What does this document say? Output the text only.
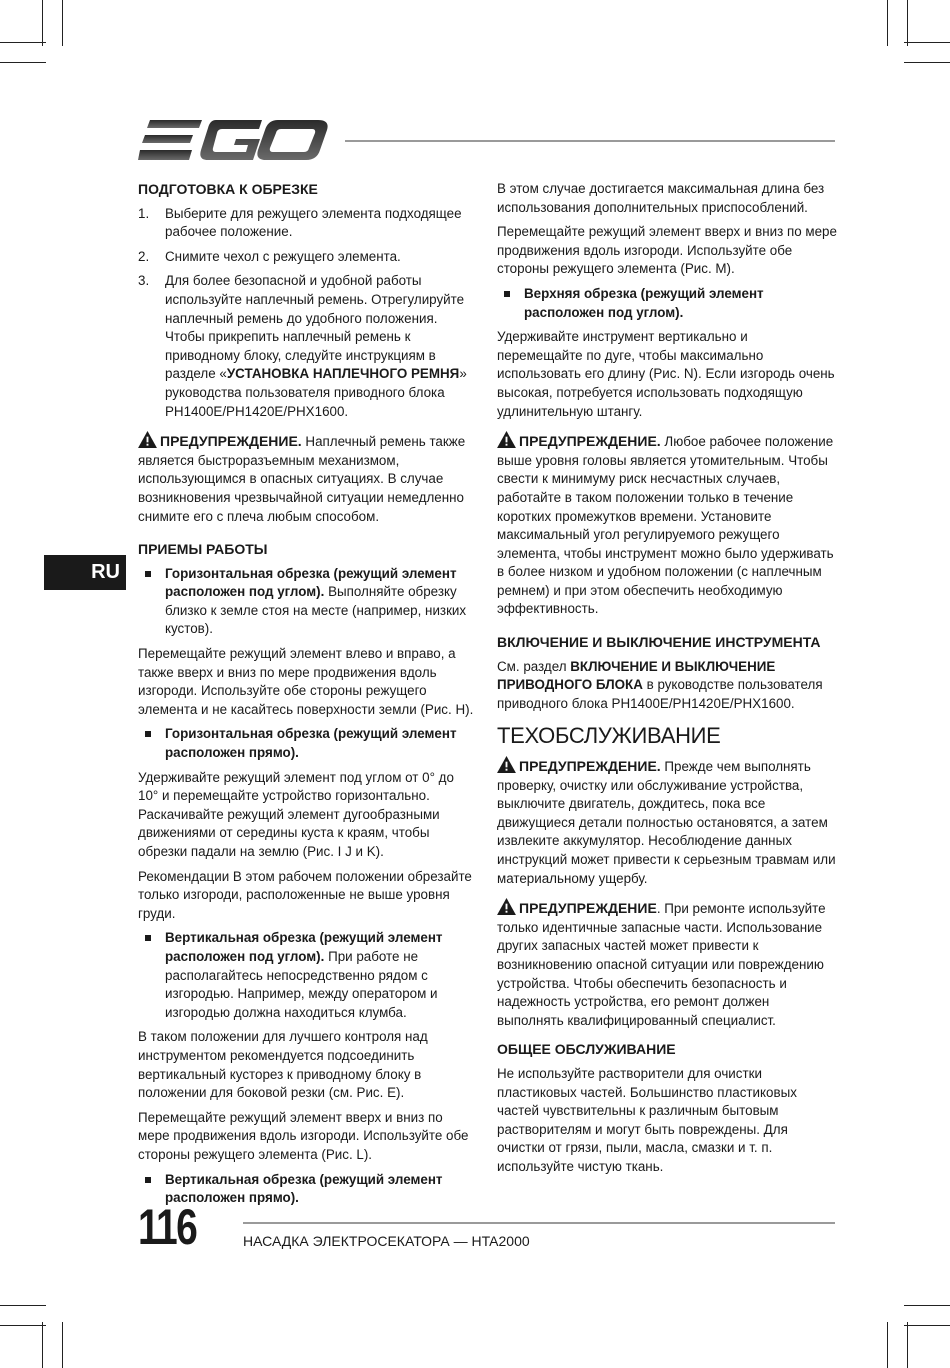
RU
ПОДГОТОВКА К ОБРЕЗКЕ
1.	Выберите для режущего элемента подходящее рабочее положение.
2.	Снимите чехол с режущего элемента.
3.	Для более безопасной и удобной работы используйте наплечный ремень. Отрегулируйте наплечный ремень до удобного положения. Чтобы прикрепить наплечный ремень к приводному блоку, следуйте инструкциям в разделе «УСТАНОВКА НАПЛЕЧНОГО РЕМНЯ» руководства пользователя приводного блока PH1400E/PH1420E/PHX1600.

ПРЕДУПРЕЖДЕНИЕ. Наплечный ремень также является быстроразъемным механизмом, использующимся в опасных ситуациях. В случае возникновения чрезвычайной ситуации немедленно снимите его с плеча любым способом.

ПРИЕМЫ РАБОТЫ
Горизонтальная обрезка (режущий элемент расположен под углом). Выполняйте обрезку близко к земле стоя на месте (например, низких кустов).

Перемещайте режущий элемент влево и вправо, а также вверх и вниз по мере продвижения вдоль изгороди. Используйте обе стороны режущего элемента и не касайтесь поверхности земли (Рис. H).

Горизонтальная обрезка (режущий элемент расположен прямо).

Удерживайте режущий элемент под углом от 0° до 10° и перемещайте устройство горизонтально. Раскачивайте режущий элемент дугообразными движениями от середины куста к краям, чтобы обрезки падали на землю (Рис. I J и K).

Рекомендации В этом рабочем положении обрезайте только изгороди, расположенные не выше уровня груди.

Вертикальная обрезка (режущий элемент расположен под углом). При работе не располагайтесь непосредственно рядом с изгородью. Например, между оператором и изгородью должна находиться клумба.

В таком положении для лучшего контроля над инструментом рекомендуется подсоединить вертикальный кусторез к приводному блоку в положении для боковой резки (см. Рис. E).

Перемещайте режущий элемент вверх и вниз по мере продвижения вдоль изгороди. Используйте обе стороны режущего элемента (Рис. L).

Вертикальная обрезка (режущий элемент расположен прямо).

В этом случае достигается максимальная длина без использования дополнительных приспособлений.

Перемещайте режущий элемент вверх и вниз по мере продвижения вдоль изгороди. Используйте обе стороны режущего элемента (Рис. M).

Верхняя обрезка (режущий элемент расположен под углом).

Удерживайте инструмент вертикально и перемещайте по дуге, чтобы максимально использовать его длину (Рис. N). Если изгородь очень высокая, потребуется использовать подходящую удлинительную штангу.

ПРЕДУПРЕЖДЕНИЕ. Любое рабочее положение выше уровня головы является утомительным. Чтобы свести к минимуму риск несчастных случаев, работайте в таком положении только в течение коротких промежутков времени. Установите максимальный угол регулируемого режущего элемента, чтобы инструмент можно было удерживать в более низком и удобном положении (с наплечным ремнем) и при этом обеспечить необходимую эффективность.

ВКЛЮЧЕНИЕ И ВЫКЛЮЧЕНИЕ ИНСТРУМЕНТА

См. раздел ВКЛЮЧЕНИЕ И ВЫКЛЮЧЕНИЕ ПРИВОДНОГО БЛОКА в руководстве пользователя приводного блока PH1400E/PH1420E/PHX1600.

ТЕХОБСЛУЖИВАНИЕ

ПРЕДУПРЕЖДЕНИЕ. Прежде чем выполнять проверку, очистку или обслуживание устройства, выключите двигатель, дождитесь, пока все движущиеся детали полностью остановятся, а затем извлеките аккумулятор. Несоблюдение данных инструкций может привести к серьезным травмам или материальному ущербу.

ПРЕДУПРЕЖДЕНИЕ. При ремонте используйте только идентичные запасные части. Использование других запасных частей может привести к возникновению опасной ситуации или повреждению устройства. Чтобы обеспечить безопасность и надежность устройства, его ремонт должен выполнять квалифицированный специалист.

ОБЩЕЕ ОБСЛУЖИВАНИЕ

Не используйте растворители для очистки пластиковых частей. Большинство пластиковых частей чувствительны к различным бытовым растворителям и могут быть повреждены. Для очистки от грязи, пыли, масла, смазки и т. п. используйте чистую ткань.

116	НАСАДКА ЭЛЕКТРОСЕКАТОРА — HTA2000
